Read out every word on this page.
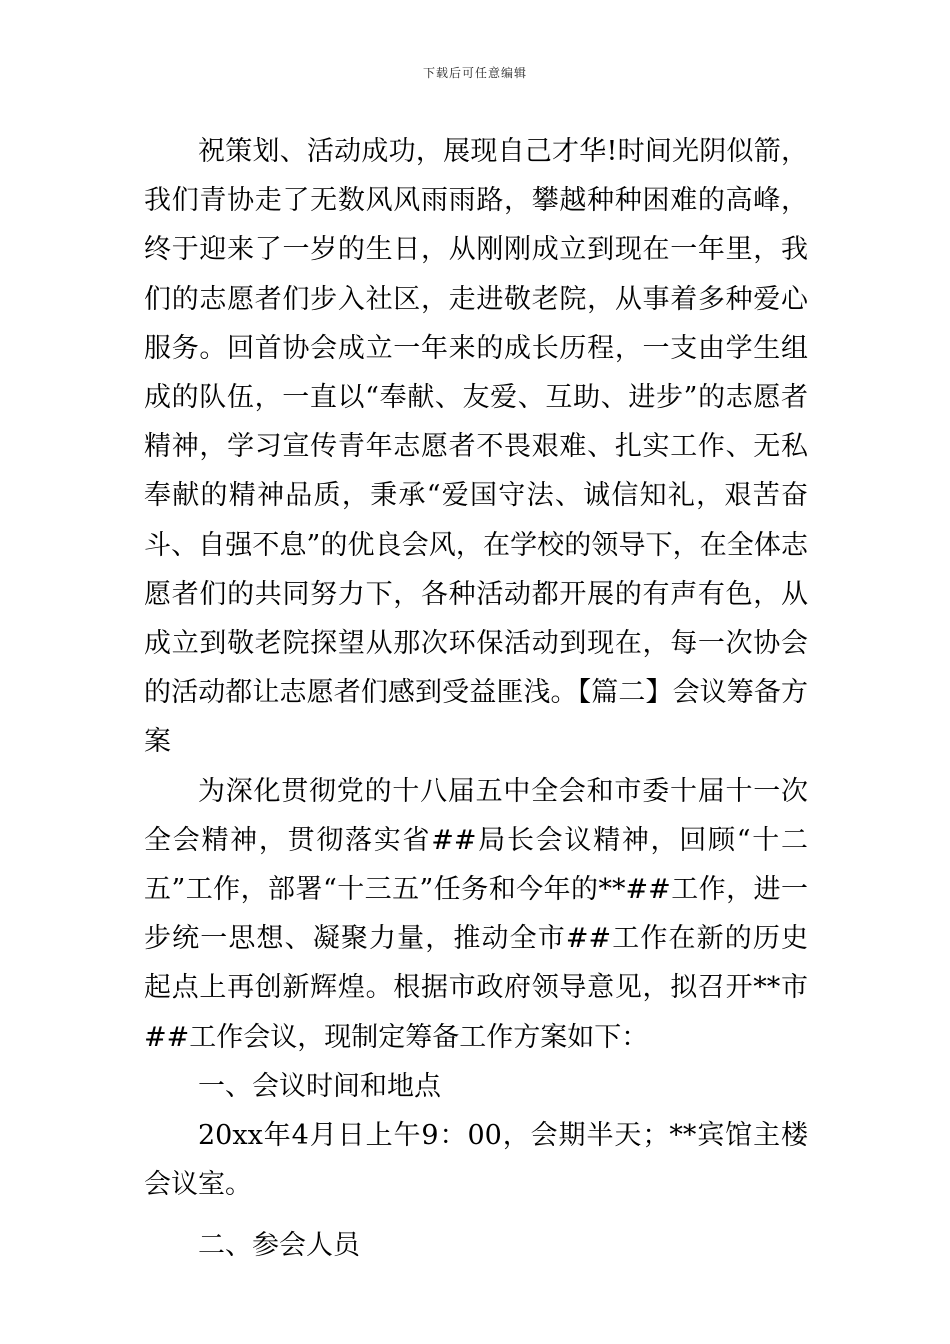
下载后可任意编辑

祝策划、活动成功，展现自己才华!时间光阴似箭，我们青协走了无数风风雨雨路，攀越种种困难的高峰，终于迎来了一岁的生日，从刚刚成立到现在一年里，我们的志愿者们步入社区，走进敬老院，从事着多种爱心服务。回首协会成立一年来的成长历程，一支由学生组成的队伍，一直以“奉献、友爱、互助、进步”的志愿者精神，学习宣传青年志愿者不畏艰难、扎实工作、无私奉献的精神品质，秉承“爱国守法、诚信知礼，艰苦奋斗、自强不息”的优良会风，在学校的领导下，在全体志愿者们的共同努力下，各种活动都开展的有声有色，从成立到敬老院探望从那次环保活动到现在，每一次协会的活动都让志愿者们感到受益匪浅。【篇二】会议筹备方案

为深化贯彻党的十八届五中全会和市委十届十一次全会精神，贯彻落实省##局长会议精神，回顾“十二五”工作，部署“十三五”任务和今年的**##工作，进一步统一思想、凝聚力量，推动全市##工作在新的历史起点上再创新辉煌。根据市政府领导意见，拟召开**市##工作会议，现制定筹备工作方案如下：

一、会议时间和地点

20xx年4月日上午9：00，会期半天；**宾馆主楼会议室。

二、参会人员
